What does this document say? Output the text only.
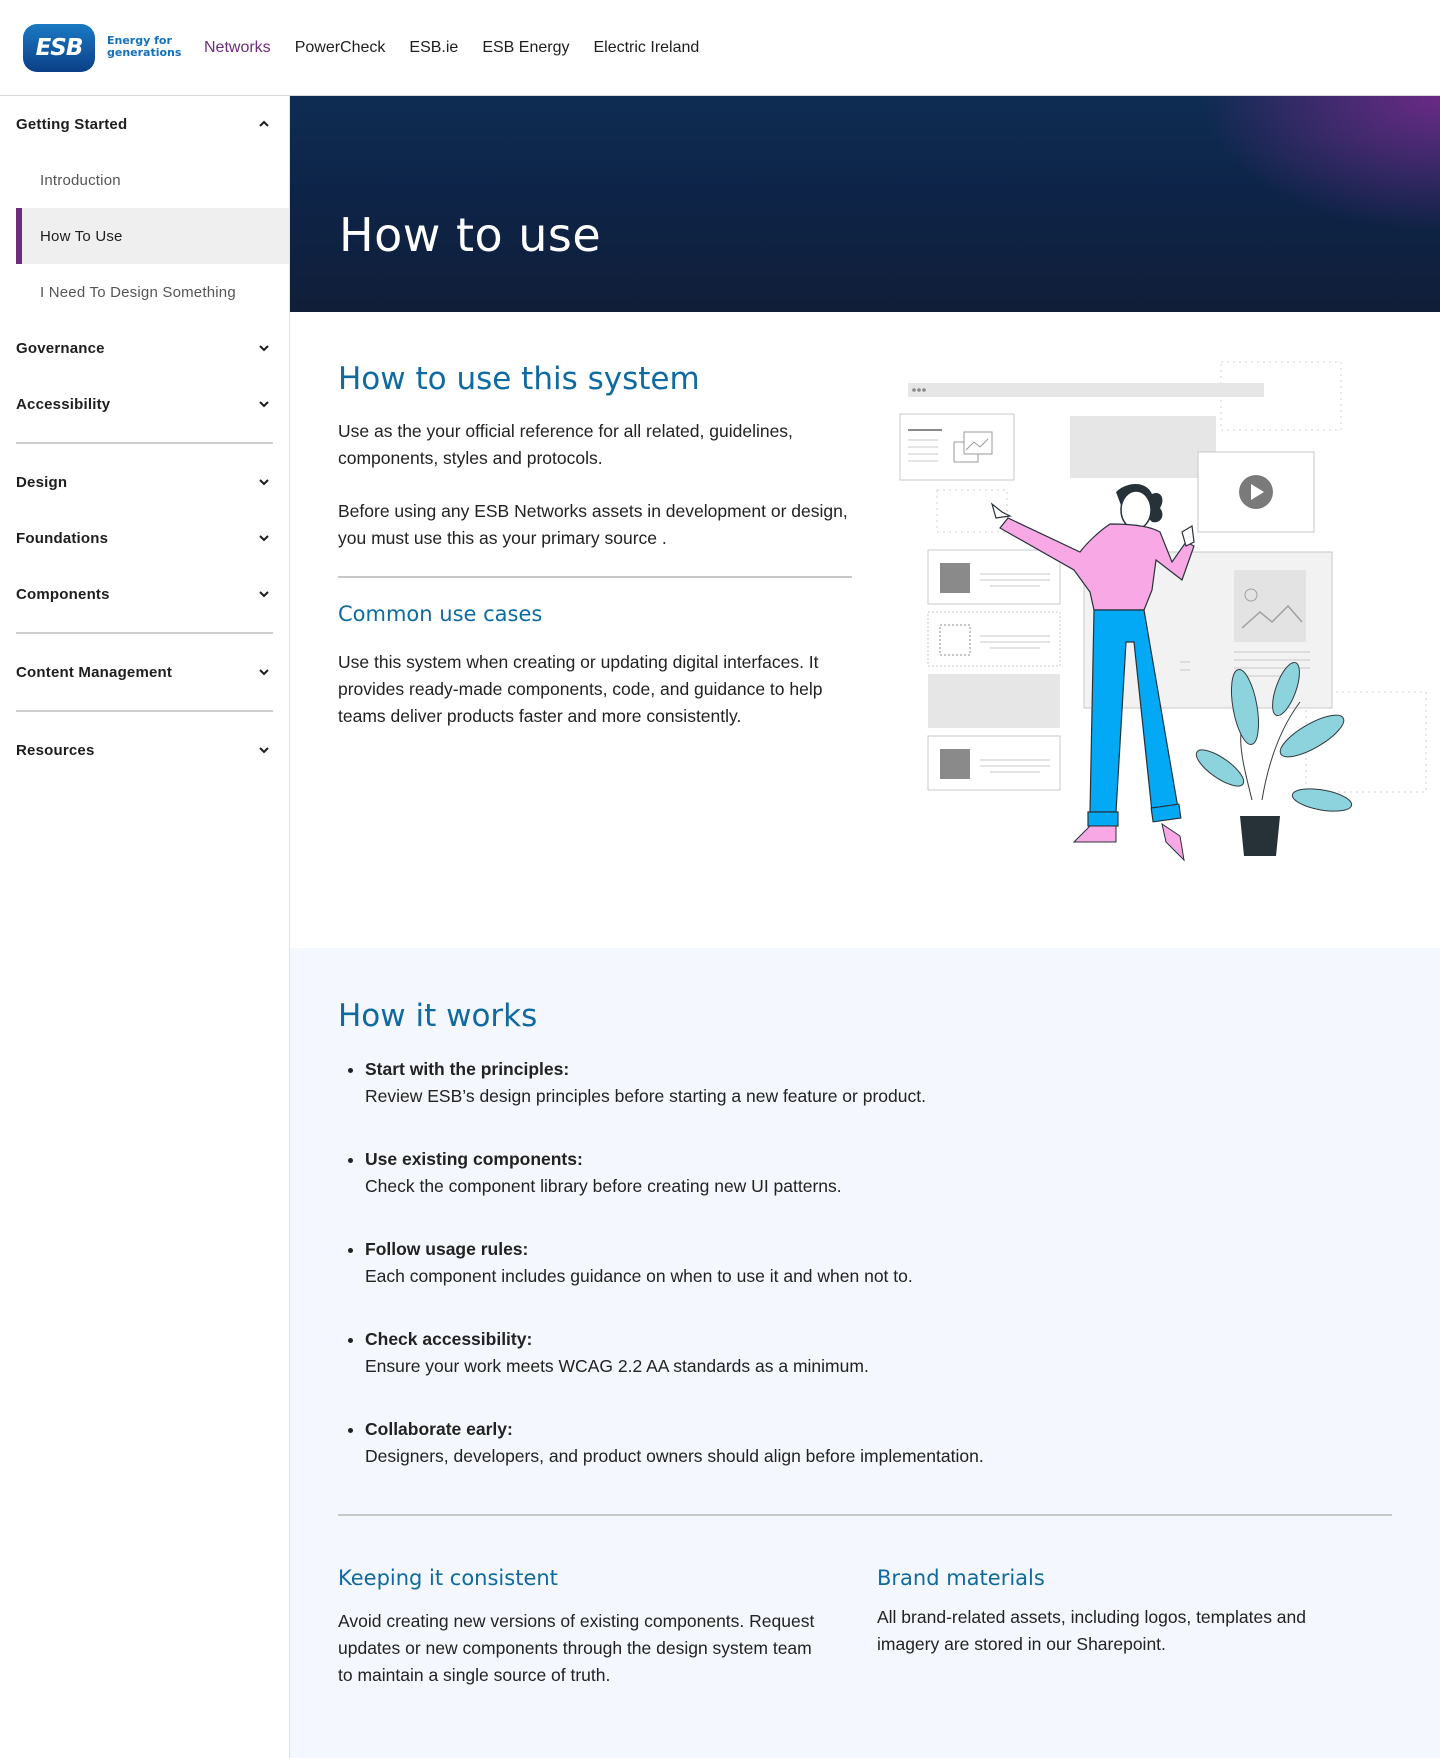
ESB Energy for generations	Networks PowerCheck ESB.ie ESB Energy Electric Ireland
Getting Started
Introduction
How To Use
I Need To Design Something
Governance
Accessibility
Design
Foundations
Components
Content Management
Resources
How to use
How to use this system

Use as the your official reference for all related, guidelines, components, styles and protocols.

Before using any ESB Networks assets in development or design, you must use this as your primary source .

Common use cases

Use this system when creating or updating digital interfaces. It provides ready-made components, code, and guidance to help teams deliver products faster and more consistently.

How it works
Start with the principles:
Review ESB’s design principles before starting a new feature or product.
Use existing components:
Check the component library before creating new UI patterns.
Follow usage rules:
Each component includes guidance on when to use it and when not to.
Check accessibility:
Ensure your work meets WCAG 2.2 AA standards as a minimum.
Collaborate early:
Designers, developers, and product owners should align before implementation.
Keeping it consistent

Avoid creating new versions of existing components. Request updates or new components through the design system team to maintain a single source of truth.

Brand materials

All brand-related assets, including logos, templates and imagery are stored in our Sharepoint.
